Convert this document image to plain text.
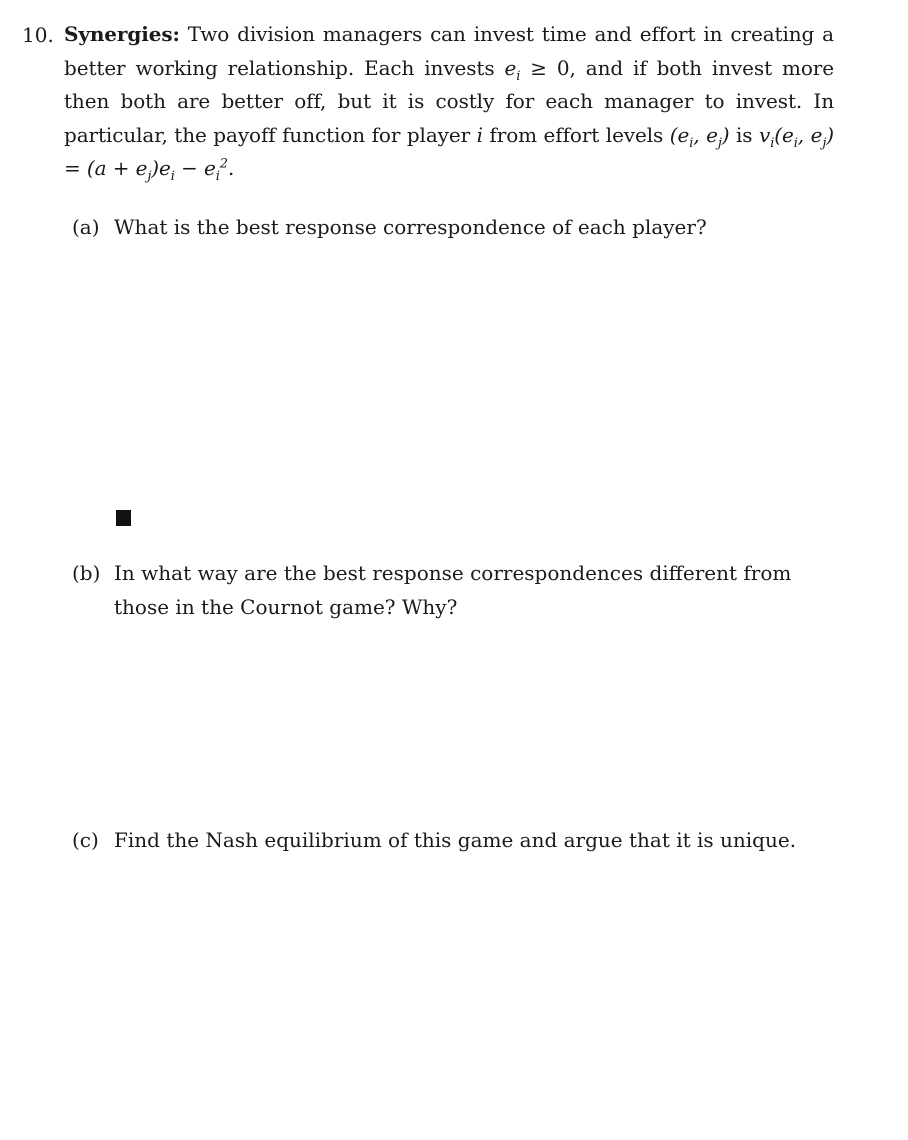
10. Synergies: Two division managers can invest time and effort in creating a better working relationship. Each invests $e_i \ge 0$, and if both invest more then both are better off, but it is costly for each manager to invest. In particular, the payoff function for player i from effort levels ($e_i$, $e_j$) is $v_i(e_i$, $e_j) = (a + e_j)e_i - e_i^2$.
(a) What is the best response correspondence of each player?
(b) In what way are the best response correspondences different from those in the Cournot game? Why?
(c) Find the Nash equilibrium of this game and argue that it is unique.
